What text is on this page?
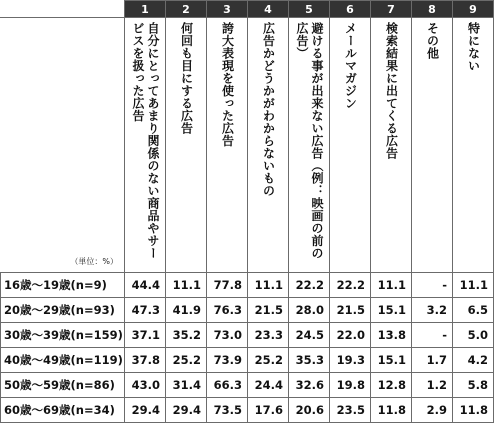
	1	2	3	4	5	6	7	8	9
（単位：%）	自分にとってあまり関係のない商品やサービスを扱った広告	何回も目にする広告	誇大表現を使った広告	広告かどうかがわからないもの	避ける事が出来ない広告（例：映画の前の広告）	メールマガジン	検索結果に出てくる広告	その他	特にない

16歳〜19歳(n=9)	44.4	11.1	77.8	11.1	22.2	22.2	11.1	-	11.1
20歳〜29歳(n=93)	47.3	41.9	76.3	21.5	28.0	21.5	15.1	3.2	6.5
30歳〜39歳(n=159)	37.1	35.2	73.0	23.3	24.5	22.0	13.8	-	5.0
40歳〜49歳(n=119)	37.8	25.2	73.9	25.2	35.3	19.3	15.1	1.7	4.2
50歳〜59歳(n=86)	43.0	31.4	66.3	24.4	32.6	19.8	12.8	1.2	5.8
60歳〜69歳(n=34)	29.4	29.4	73.5	17.6	20.6	23.5	11.8	2.9	11.8
